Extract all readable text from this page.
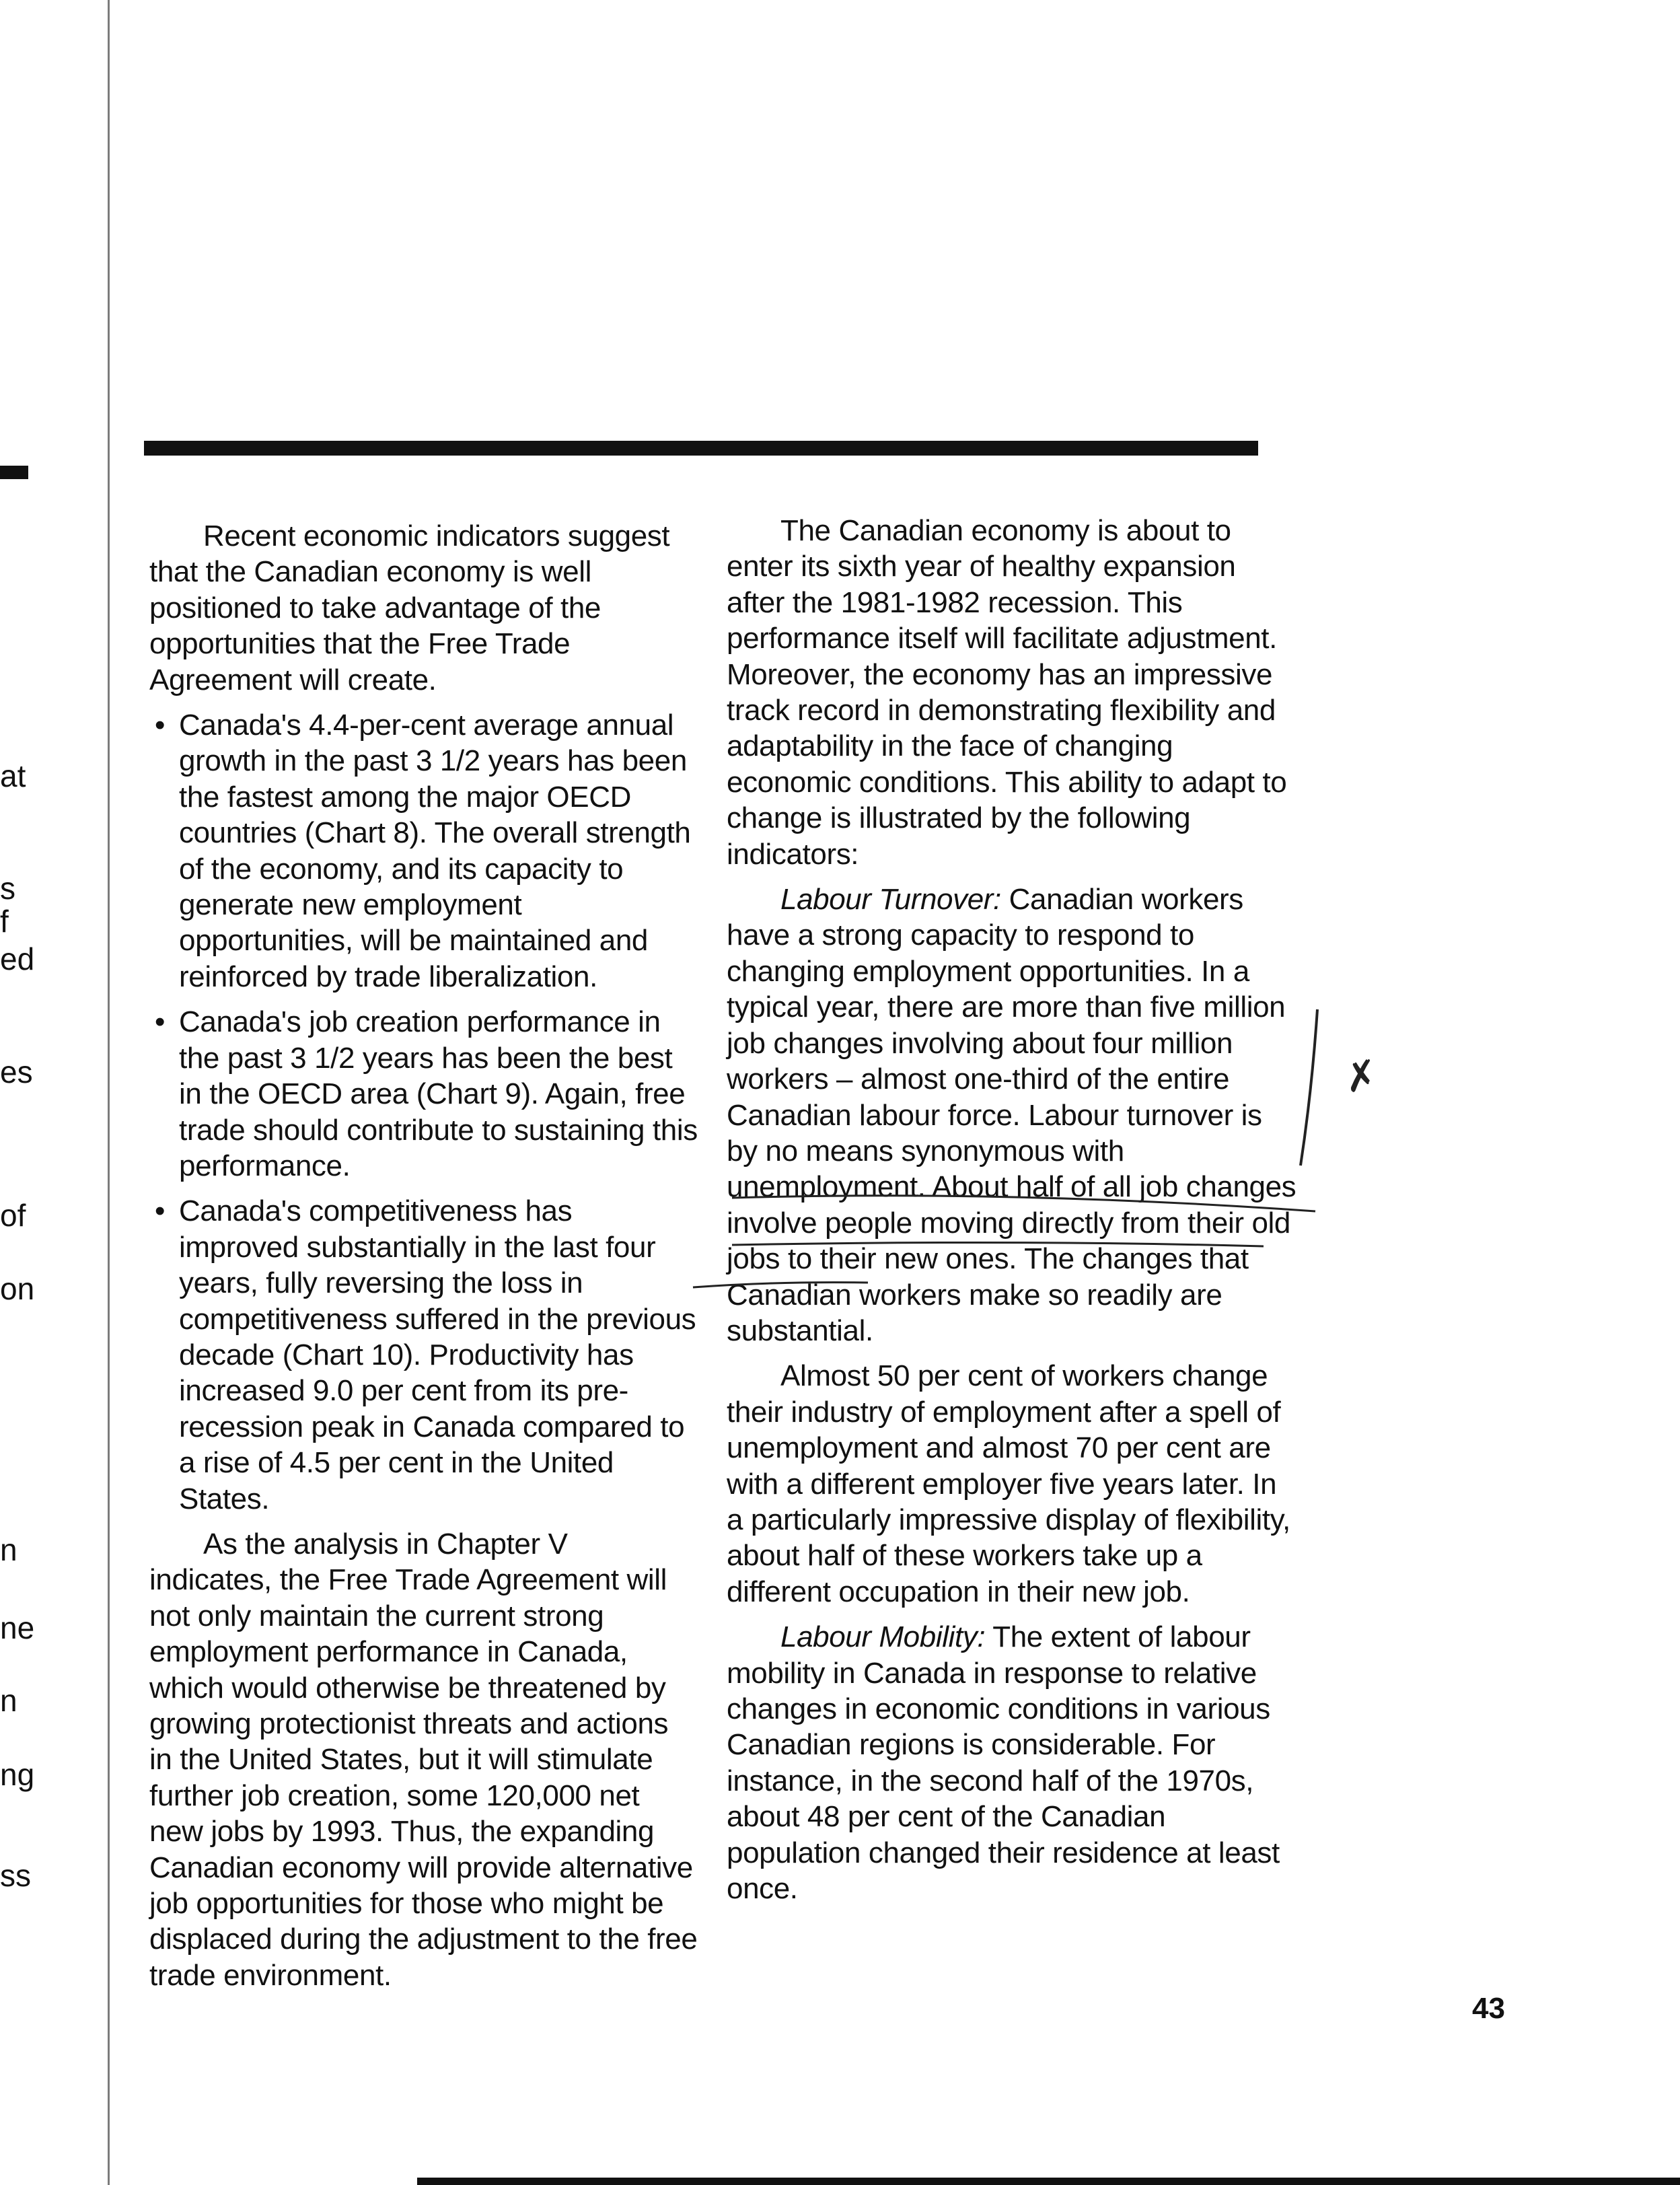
at
s
f
ed
es
of
on
n
ne
n
ng
ss

Recent economic indicators suggest that the Canadian economy is well positioned to take advantage of the opportunities that the Free Trade Agreement will create.

• Canada's 4.4-per-cent average annual growth in the past 3 1/2 years has been the fastest among the major OECD countries (Chart 8). The overall strength of the economy, and its capacity to generate new employment opportunities, will be maintained and reinforced by trade liberalization.
• Canada's job creation performance in the past 3 1/2 years has been the best in the OECD area (Chart 9). Again, free trade should contribute to sustaining this performance.
• Canada's competitiveness has improved substantially in the last four years, fully reversing the loss in competitiveness suffered in the previous decade (Chart 10). Productivity has increased 9.0 per cent from its pre-recession peak in Canada compared to a rise of 4.5 per cent in the United States.

As the analysis in Chapter V indicates, the Free Trade Agreement will not only maintain the current strong employment performance in Canada, which would otherwise be threatened by growing protectionist threats and actions in the United States, but it will stimulate further job creation, some 120,000 net new jobs by 1993. Thus, the expanding Canadian economy will provide alternative job opportunities for those who might be displaced during the adjustment to the free trade environment.

The Canadian economy is about to enter its sixth year of healthy expansion after the 1981-1982 recession. This performance itself will facilitate adjustment. Moreover, the economy has an impressive track record in demonstrating flexibility and adaptability in the face of changing economic conditions. This ability to adapt to change is illustrated by the following indicators:

Labour Turnover: Canadian workers have a strong capacity to respond to changing employment opportunities. In a typical year, there are more than five million job changes involving about four million workers – almost one-third of the entire Canadian labour force. Labour turnover is by no means synonymous with unemployment. About half of all job changes involve people moving directly from their old jobs to their new ones. The changes that Canadian workers make so readily are substantial.

Almost 50 per cent of workers change their industry of employment after a spell of unemployment and almost 70 per cent are with a different employer five years later. In a particularly impressive display of flexibility, about half of these workers take up a different occupation in their new job.

Labour Mobility: The extent of labour mobility in Canada in response to relative changes in economic conditions in various Canadian regions is considerable. For instance, in the second half of the 1970s, about 48 per cent of the Canadian population changed their residence at least once.

✗
43
